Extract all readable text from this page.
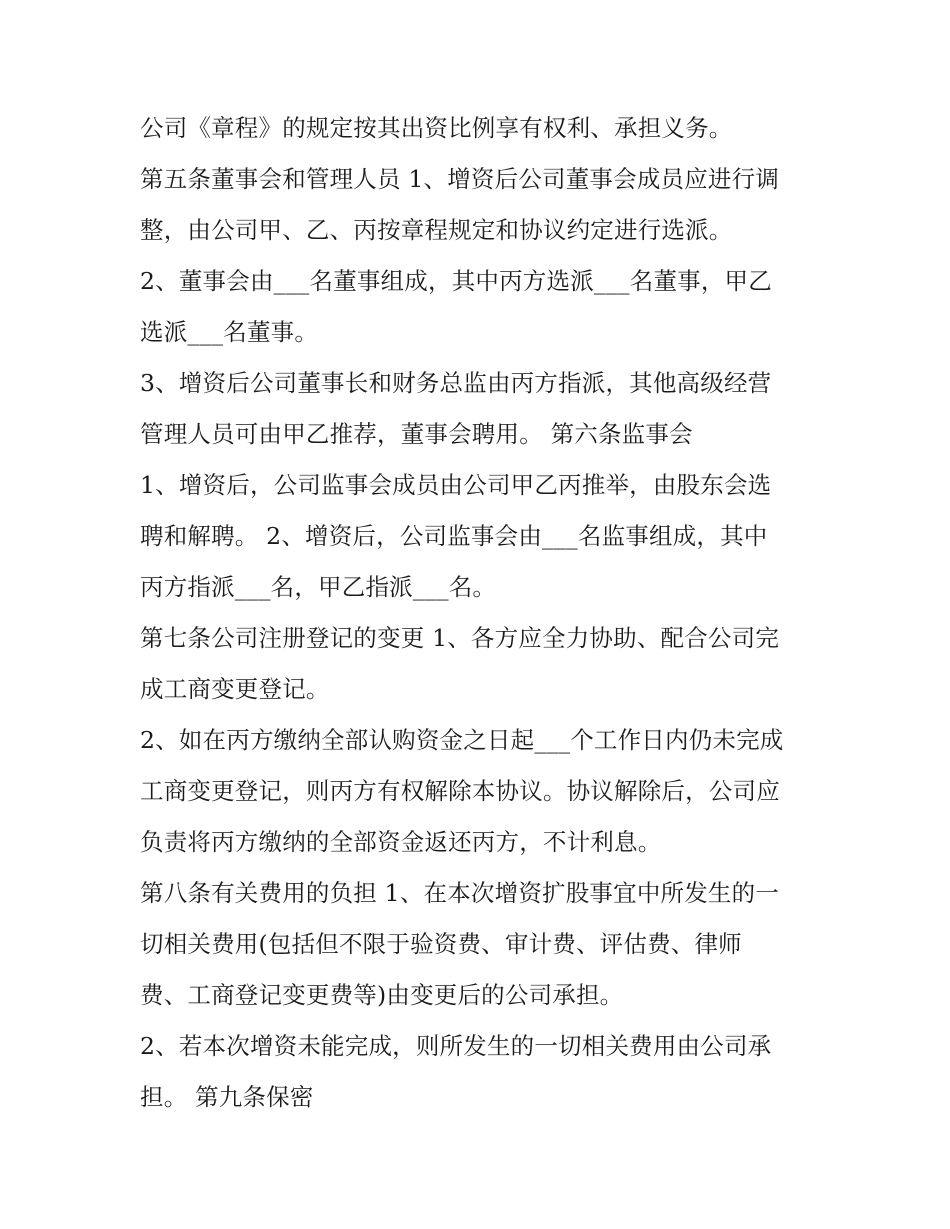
公司《章程》的规定按其出资比例享有权利、承担义务。
第五条董事会和管理人员 1、增资后公司董事会成员应进行调
整，由公司甲、乙、丙按章程规定和协议约定进行选派。
2、董事会由___名董事组成，其中丙方选派___名董事，甲乙
选派___名董事。
3、增资后公司董事长和财务总监由丙方指派，其他高级经营
管理人员可由甲乙推荐，董事会聘用。 第六条监事会
1、增资后，公司监事会成员由公司甲乙丙推举，由股东会选
聘和解聘。 2、增资后，公司监事会由___名监事组成，其中
丙方指派___名，甲乙指派___名。
第七条公司注册登记的变更 1、各方应全力协助、配合公司完
成工商变更登记。
2、如在丙方缴纳全部认购资金之日起___个工作日内仍未完成
工商变更登记，则丙方有权解除本协议。协议解除后，公司应
负责将丙方缴纳的全部资金返还丙方，不计利息。
第八条有关费用的负担 1、在本次增资扩股事宜中所发生的一
切相关费用(包括但不限于验资费、审计费、评估费、律师
费、工商登记变更费等)由变更后的公司承担。
2、若本次增资未能完成，则所发生的一切相关费用由公司承
担。 第九条保密
